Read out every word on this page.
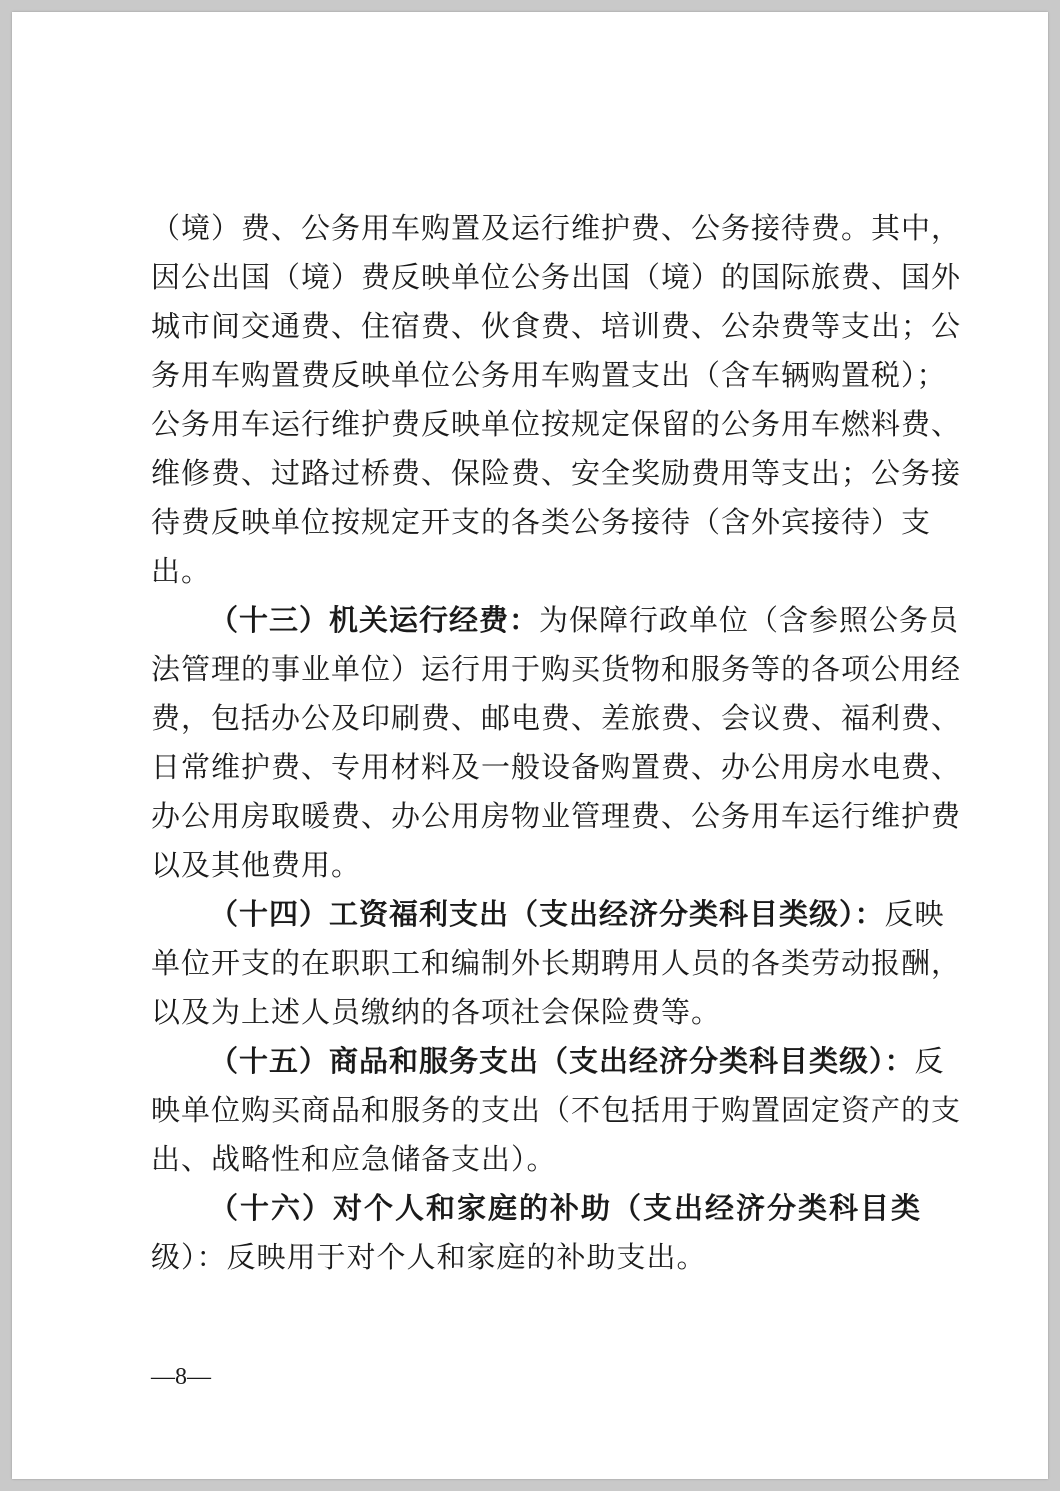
（境）费、公务用车购置及运行维护费、公务接待费。其中，
因公出国（境）费反映单位公务出国（境）的国际旅费、国外
城市间交通费、住宿费、伙食费、培训费、公杂费等支出；公
务用车购置费反映单位公务用车购置支出（含车辆购置税）；
公务用车运行维护费反映单位按规定保留的公务用车燃料费、
维修费、过路过桥费、保险费、安全奖励费用等支出；公务接
待费反映单位按规定开支的各类公务接待（含外宾接待）支
出。
（十三）机关运行经费：为保障行政单位（含参照公务员
法管理的事业单位）运行用于购买货物和服务等的各项公用经
费，包括办公及印刷费、邮电费、差旅费、会议费、福利费、
日常维护费、专用材料及一般设备购置费、办公用房水电费、
办公用房取暖费、办公用房物业管理费、公务用车运行维护费
以及其他费用。
（十四）工资福利支出（支出经济分类科目类级）：反映
单位开支的在职职工和编制外长期聘用人员的各类劳动报酬，
以及为上述人员缴纳的各项社会保险费等。
（十五）商品和服务支出（支出经济分类科目类级）：反
映单位购买商品和服务的支出（不包括用于购置固定资产的支
出、战略性和应急储备支出）。
（十六）对个人和家庭的补助（支出经济分类科目类
级）：反映用于对个人和家庭的补助支出。
—8—
